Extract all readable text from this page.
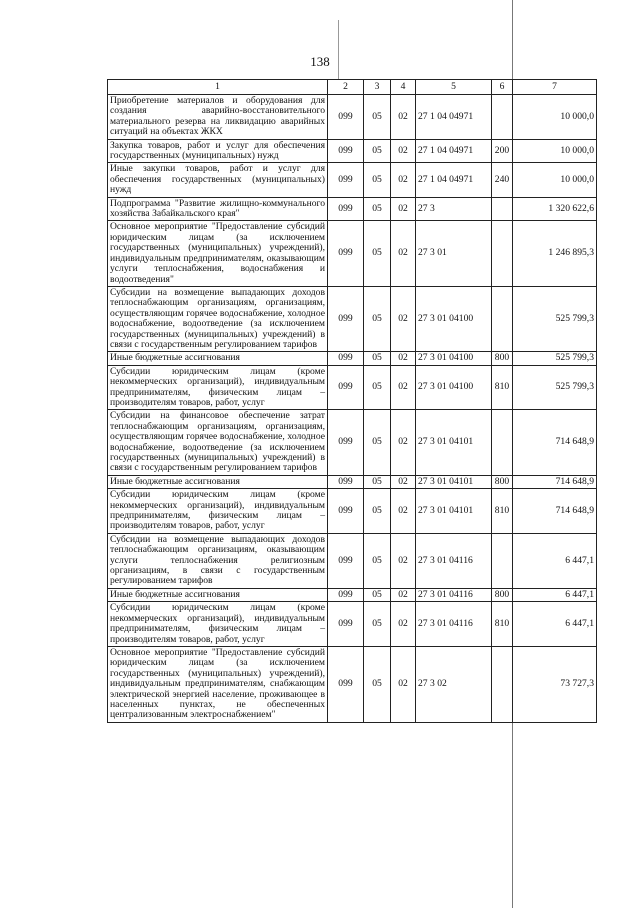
138
1	2	3	4	5	6	7
Приобретение материалов и оборудования для создания аварийно-восстановительного материального резерва на ликвидацию аварийных ситуаций на объектах ЖКХ	099	05	02	27 1 04 04971		10 000,0
Закупка товаров, работ и услуг для обеспечения государственных (муниципальных) нужд	099	05	02	27 1 04 04971	200	10 000,0
Иные закупки товаров, работ и услуг для обеспечения государственных (муниципальных) нужд	099	05	02	27 1 04 04971	240	10 000,0
Подпрограмма "Развитие жилищно-коммунального хозяйства Забайкальского края"	099	05	02	27 3		1 320 622,6
Основное мероприятие "Предоставление субсидий юридическим лицам (за исключением государственных (муниципальных) учреждений), индивидуальным предпринимателям, оказывающим услуги теплоснабжения, водоснабжения и водоотведения"	099	05	02	27 3 01		1 246 895,3
Субсидии на возмещение выпадающих доходов теплоснабжающим организациям, организациям, осуществляющим горячее водоснабжение, холодное водоснабжение, водоотведение (за исключением государственных (муниципальных) учреждений) в связи с государственным регулированием тарифов	099	05	02	27 3 01 04100		525 799,3
Иные бюджетные ассигнования	099	05	02	27 3 01 04100	800	525 799,3
Субсидии юридическим лицам (кроме некоммерческих организаций), индивидуальным предпринимателям, физическим лицам – производителям товаров, работ, услуг	099	05	02	27 3 01 04100	810	525 799,3
Субсидии на финансовое обеспечение затрат теплоснабжающим организациям, организациям, осуществляющим горячее водоснабжение, холодное водоснабжение, водоотведение (за исключением государственных (муниципальных) учреждений) в связи с государственным регулированием тарифов	099	05	02	27 3 01 04101		714 648,9
Иные бюджетные ассигнования	099	05	02	27 3 01 04101	800	714 648,9
Субсидии юридическим лицам (кроме некоммерческих организаций), индивидуальным предпринимателям, физическим лицам – производителям товаров, работ, услуг	099	05	02	27 3 01 04101	810	714 648,9
Субсидии на возмещение выпадающих доходов теплоснабжающим организациям, оказывающим услуги теплоснабжения религиозным организациям, в связи с государственным регулированием тарифов	099	05	02	27 3 01 04116		6 447,1
Иные бюджетные ассигнования	099	05	02	27 3 01 04116	800	6 447,1
Субсидии юридическим лицам (кроме некоммерческих организаций), индивидуальным предпринимателям, физическим лицам – производителям товаров, работ, услуг	099	05	02	27 3 01 04116	810	6 447,1
Основное мероприятие "Предоставление субсидий юридическим лицам (за исключением государственных (муниципальных) учреждений), индивидуальным предпринимателям, снабжающим электрической энергией население, проживающее в населенных пунктах, не обеспеченных централизованным электроснабжением"	099	05	02	27 3 02		73 727,3
